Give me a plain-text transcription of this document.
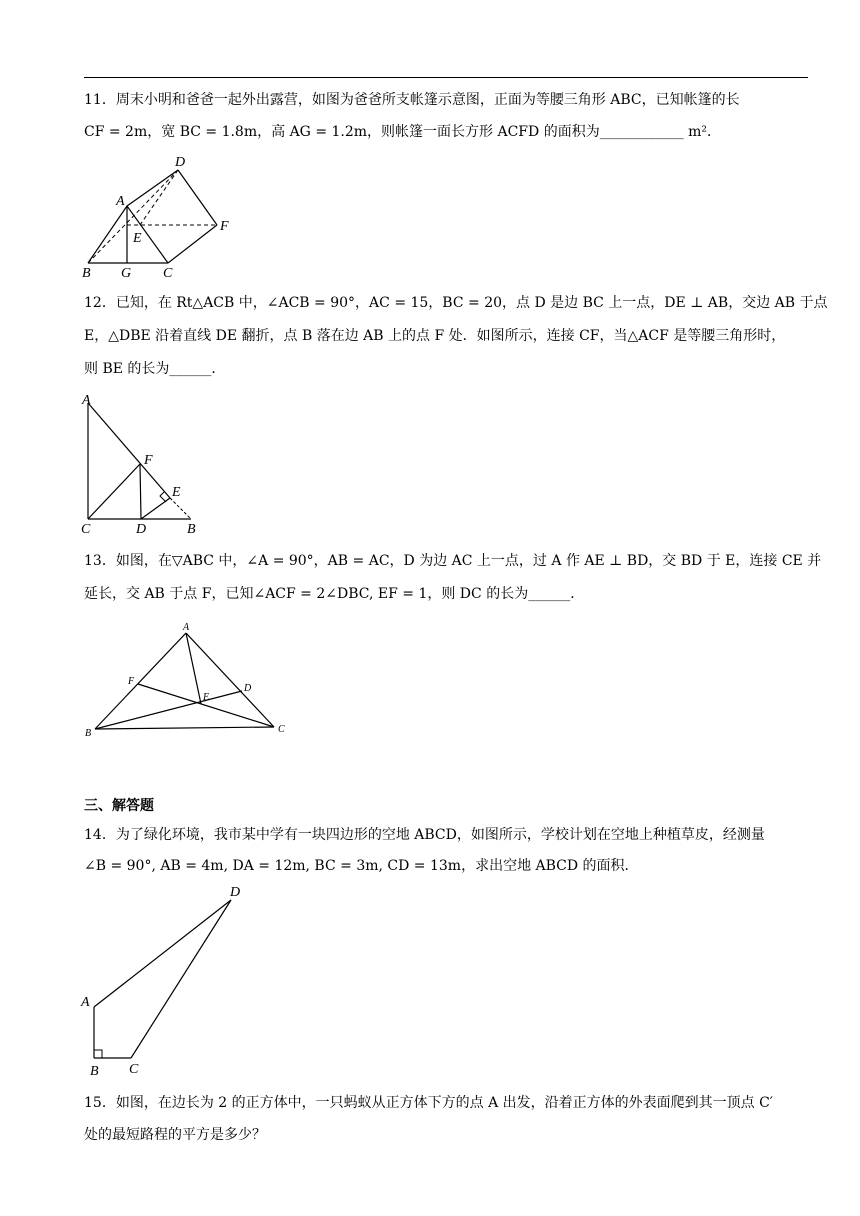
11．周末小明和爸爸一起外出露营，如图为爸爸所支帐篷示意图，正面为等腰三角形 ABC，已知帐篷的长
CF = 2m，宽 BC = 1.8m，高 AG = 1.2m，则帐篷一面长方形 ACFD 的面积为____________ m²．
D
A
E
F
B G C
12．已知，在 Rt△ACB 中，∠ACB = 90°，AC = 15，BC = 20，点 D 是边 BC 上一点，DE ⊥ AB，交边 AB 于点
E，△DBE 沿着直线 DE 翻折，点 B 落在边 AB 上的点 F 处．如图所示，连接 CF，当△ACF 是等腰三角形时，
则 BE 的长为______．
A
F
E
C	D	B
13．如图，在▽ABC 中，∠A = 90°，AB = AC，D 为边 AC 上一点，过 A 作 AE ⊥ BD，交 BD 于 E，连接 CE 并
延长，交 AB 于点 F，已知∠ACF = 2∠DBC, EF = 1，则 DC 的长为______．
A
F
D
E
B	C
三、解答题
14．为了绿化环境，我市某中学有一块四边形的空地 ABCD，如图所示，学校计划在空地上种植草皮，经测量
∠B = 90°, AB = 4m, DA = 12m, BC = 3m, CD = 13m，求出空地 ABCD 的面积．
D
A
B C
15．如图，在边长为 2 的正方体中，一只蚂蚁从正方体下方的点 A 出发，沿着正方体的外表面爬到其一顶点 C′
处的最短路程的平方是多少？
